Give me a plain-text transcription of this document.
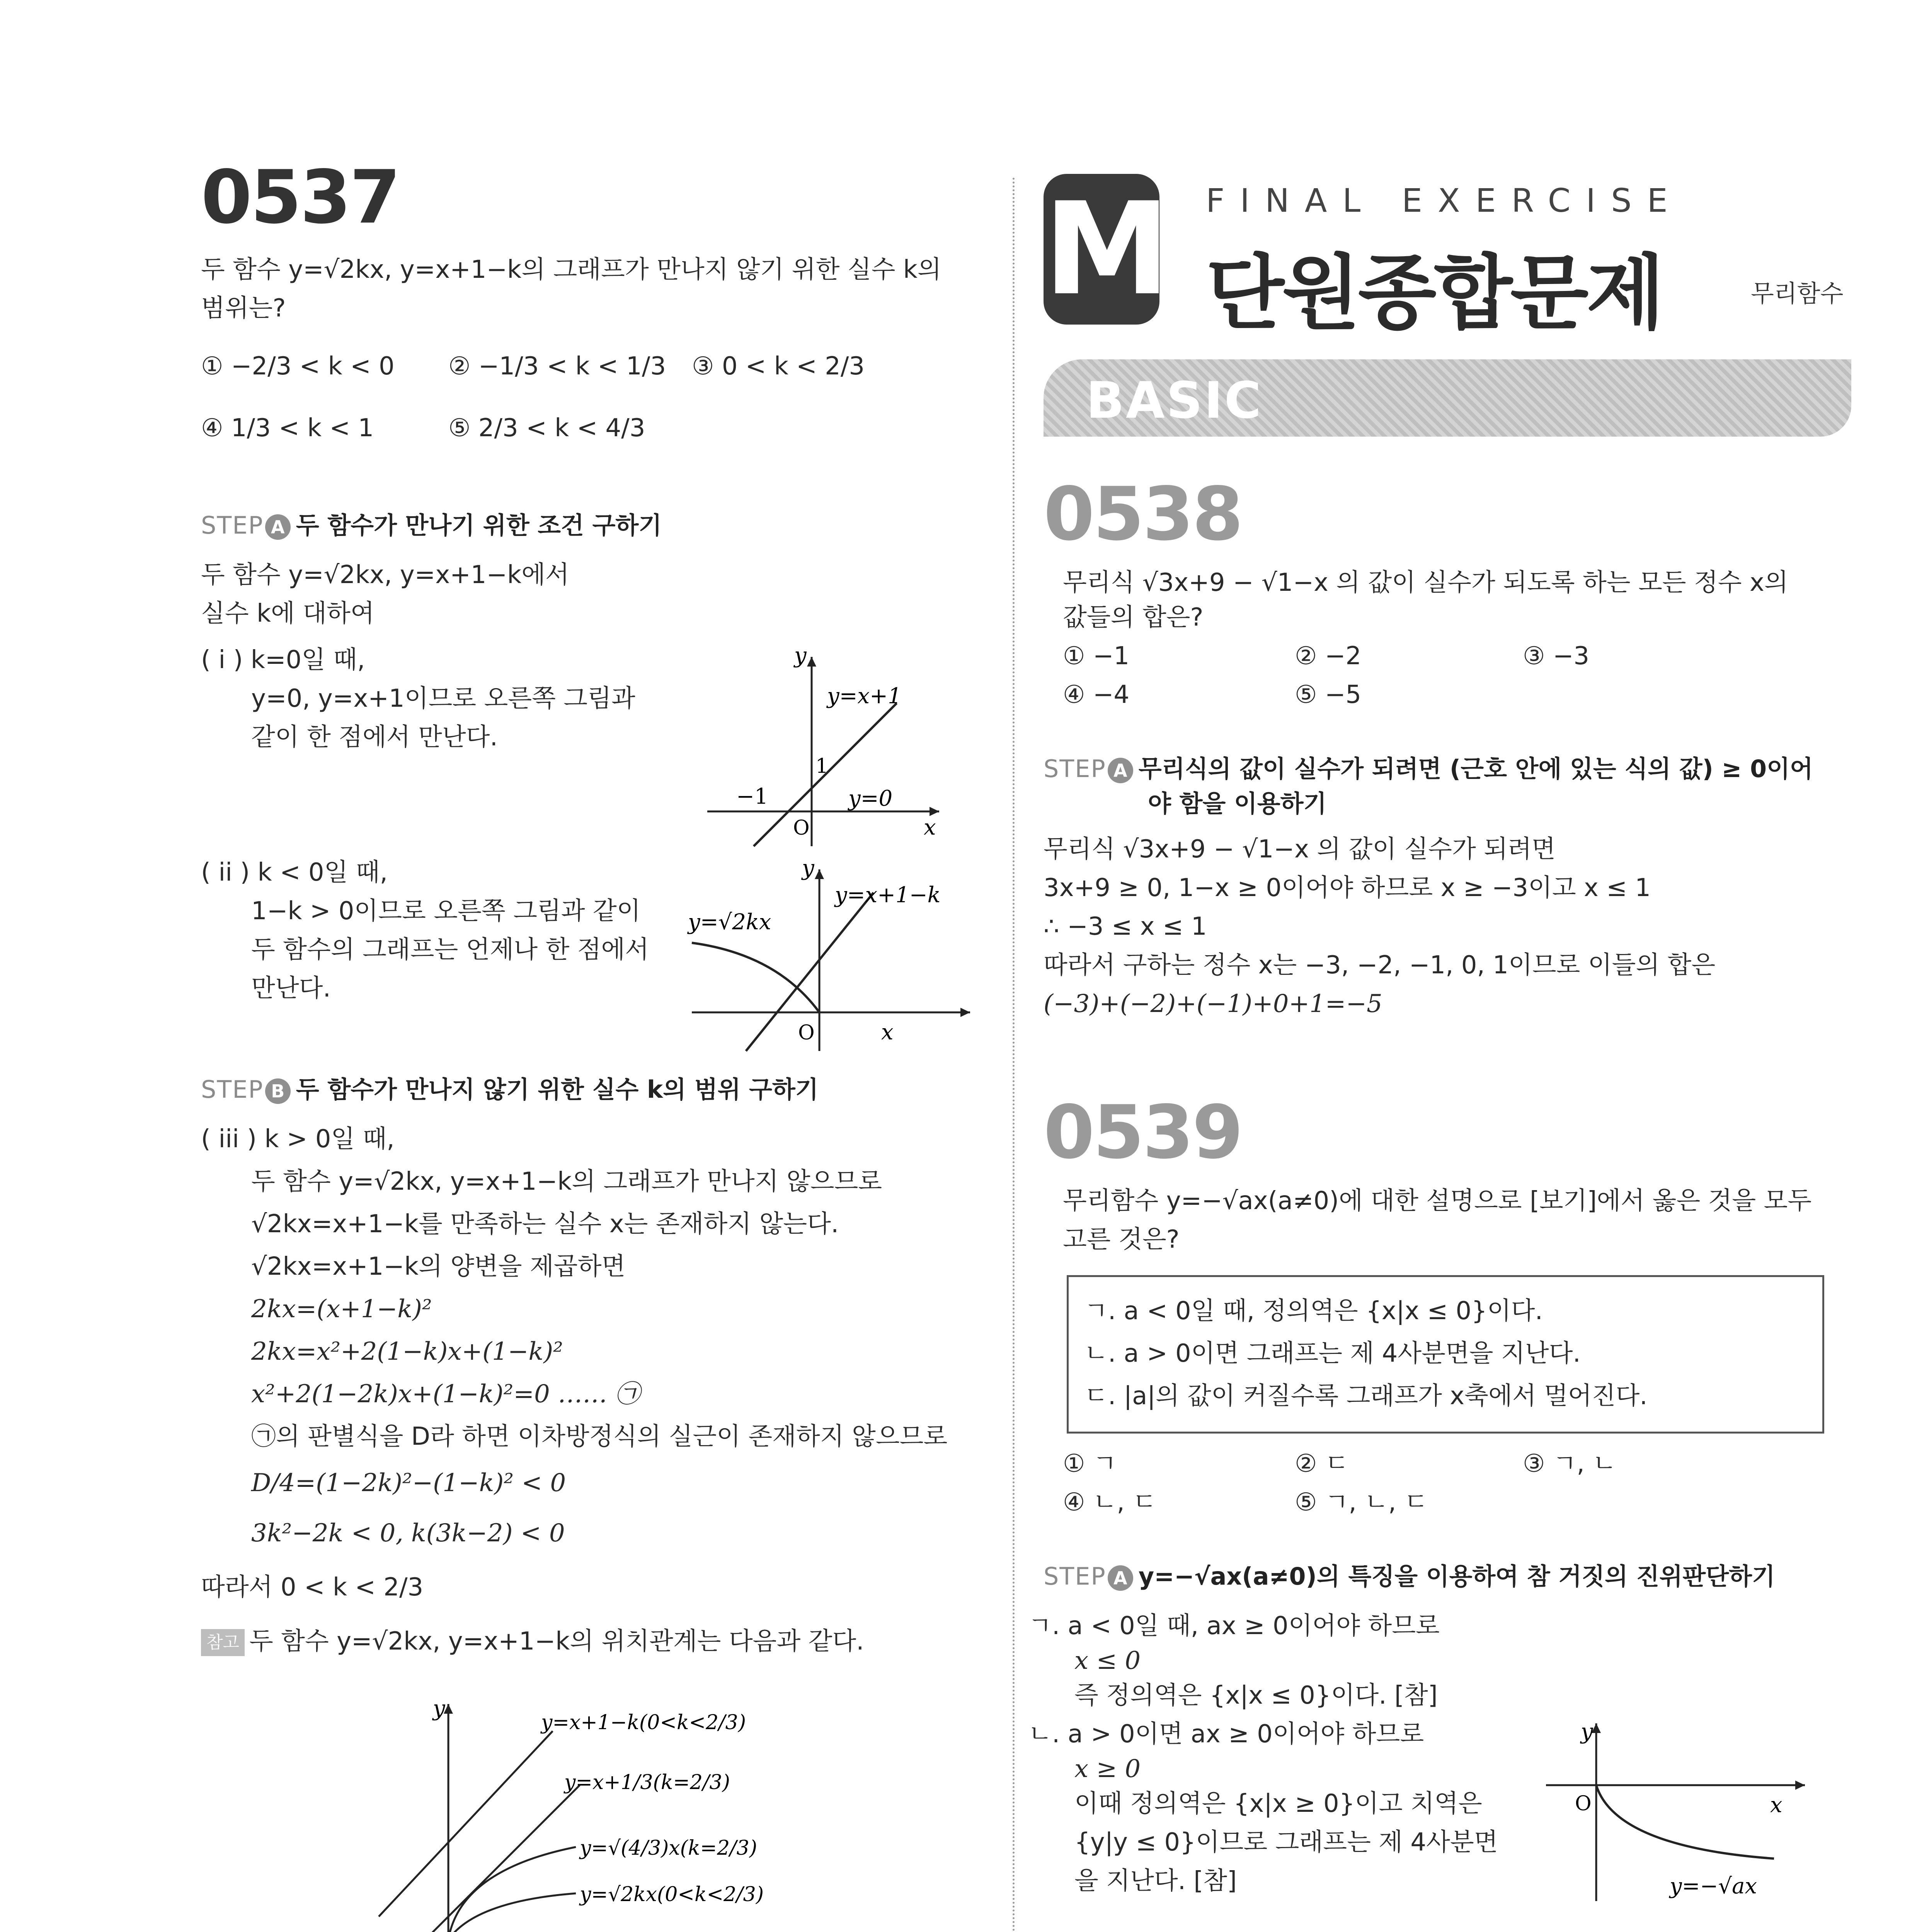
0537
두 함수 y=√2kx, y=x+1−k의 그래프가 만나지 않기 위한 실수 k의
범위는?
① −2/3 < k < 0 ② −1/3 < k < 1/3 ③ 0 < k < 2/3
④ 1/3 < k < 1	⑤ 2/3 < k < 4/3
STEP A 두 함수가 만나기 위한 조건 구하기
두 함수 y=√2kx, y=x+1−k에서
실수 k에 대하여
( i ) k=0일 때,
y=0, y=x+1이므로 오른쪽 그림과
같이 한 점에서 만난다.
y
x
O
y=x+1
−1
1
y=0
( ii ) k < 0일 때,
1−k > 0이므로 오른쪽 그림과 같이
두 함수의 그래프는 언제나 한 점에서
만난다.
y
x
O
y=x+1−k
y=√2kx
STEP B 두 함수가 만나지 않기 위한 실수 k의 범위 구하기
( iii ) k > 0일 때,
두 함수 y=√2kx, y=x+1−k의 그래프가 만나지 않으므로
√2kx=x+1−k를 만족하는 실수 x는 존재하지 않는다.
√2kx=x+1−k의 양변을 제곱하면
2kx=(x+1−k)²
2kx=x²+2(1−k)x+(1−k)²
x²+2(1−2k)x+(1−k)²=0 …… ㉠
㉠의 판별식을 D라 하면 이차방정식의 실근이 존재하지 않으므로
D/4=(1−2k)²−(1−k)² < 0
3k²−2k < 0, k(3k−2) < 0
따라서 0 < k < 2/3
참고 두 함수 y=√2kx, y=x+1−k의 위치관계는 다음과 같다.
y
y=x+1−k(0<k<2/3)
y=x+1/3(k=2/3)
y=√(4/3)x(k=2/3)
y=√2kx(0<k<2/3)
M FINAL EXERCISE
단원종합문제	무리함수
BASIC
0538
무리식 √3x+9 − √1−x 의 값이 실수가 되도록 하는 모든 정수 x의
값들의 합은?
① −1	② −2	③ −3
④ −4	⑤ −5
STEP A 무리식의 값이 실수가 되려면 (근호 안에 있는 식의 값) ≥ 0이어
야 함을 이용하기
무리식 √3x+9 − √1−x 의 값이 실수가 되려면
3x+9 ≥ 0, 1−x ≥ 0이어야 하므로 x ≥ −3이고 x ≤ 1
∴ −3 ≤ x ≤ 1
따라서 구하는 정수 x는 −3, −2, −1, 0, 1이므로 이들의 합은
(−3)+(−2)+(−1)+0+1=−5
0539
무리함수 y=−√ax(a≠0)에 대한 설명으로 [보기]에서 옳은 것을 모두
고른 것은?
ㄱ. a < 0일 때, 정의역은 {x|x ≤ 0}이다.
ㄴ. a > 0이면 그래프는 제 4사분면을 지난다.
ㄷ. |a|의 값이 커질수록 그래프가 x축에서 멀어진다.
① ㄱ	② ㄷ	③ ㄱ, ㄴ
④ ㄴ, ㄷ	⑤ ㄱ, ㄴ, ㄷ
STEP A y=−√ax(a≠0)의 특징을 이용하여 참 거짓의 진위판단하기
ㄱ. a < 0일 때, ax ≥ 0이어야 하므로
x ≤ 0
즉 정의역은 {x|x ≤ 0}이다. [참]
ㄴ. a > 0이면 ax ≥ 0이어야 하므로
x ≥ 0
이때 정의역은 {x|x ≥ 0}이고 치역은
{y|y ≤ 0}이므로 그래프는 제 4사분면
을 지난다. [참]
y
x
O
y=−√ax
